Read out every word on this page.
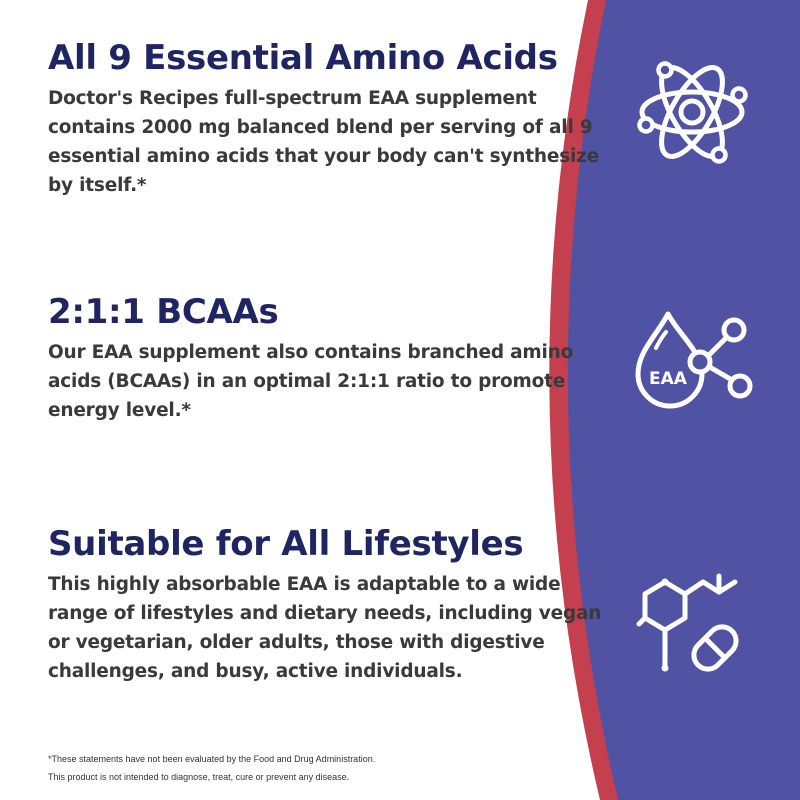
All 9 Essential Amino Acids

Doctor's Recipes full-spectrum EAA supplement contains 2000 mg balanced blend per serving of all 9 essential amino acids that your body can't synthesize by itself.*

2:1:1 BCAAs

Our EAA supplement also contains branched amino acids (BCAAs) in an optimal 2:1:1 ratio to promote energy level.*

Suitable for All Lifestyles

This highly absorbable EAA is adaptable to a wide range of lifestyles and dietary needs, including vegan or vegetarian, older adults, those with digestive challenges, and busy, active individuals.

*These statements have not been evaluated by the Food and Drug Administration.
This product is not intended to diagnose, treat, cure or prevent any disease.
EAA
